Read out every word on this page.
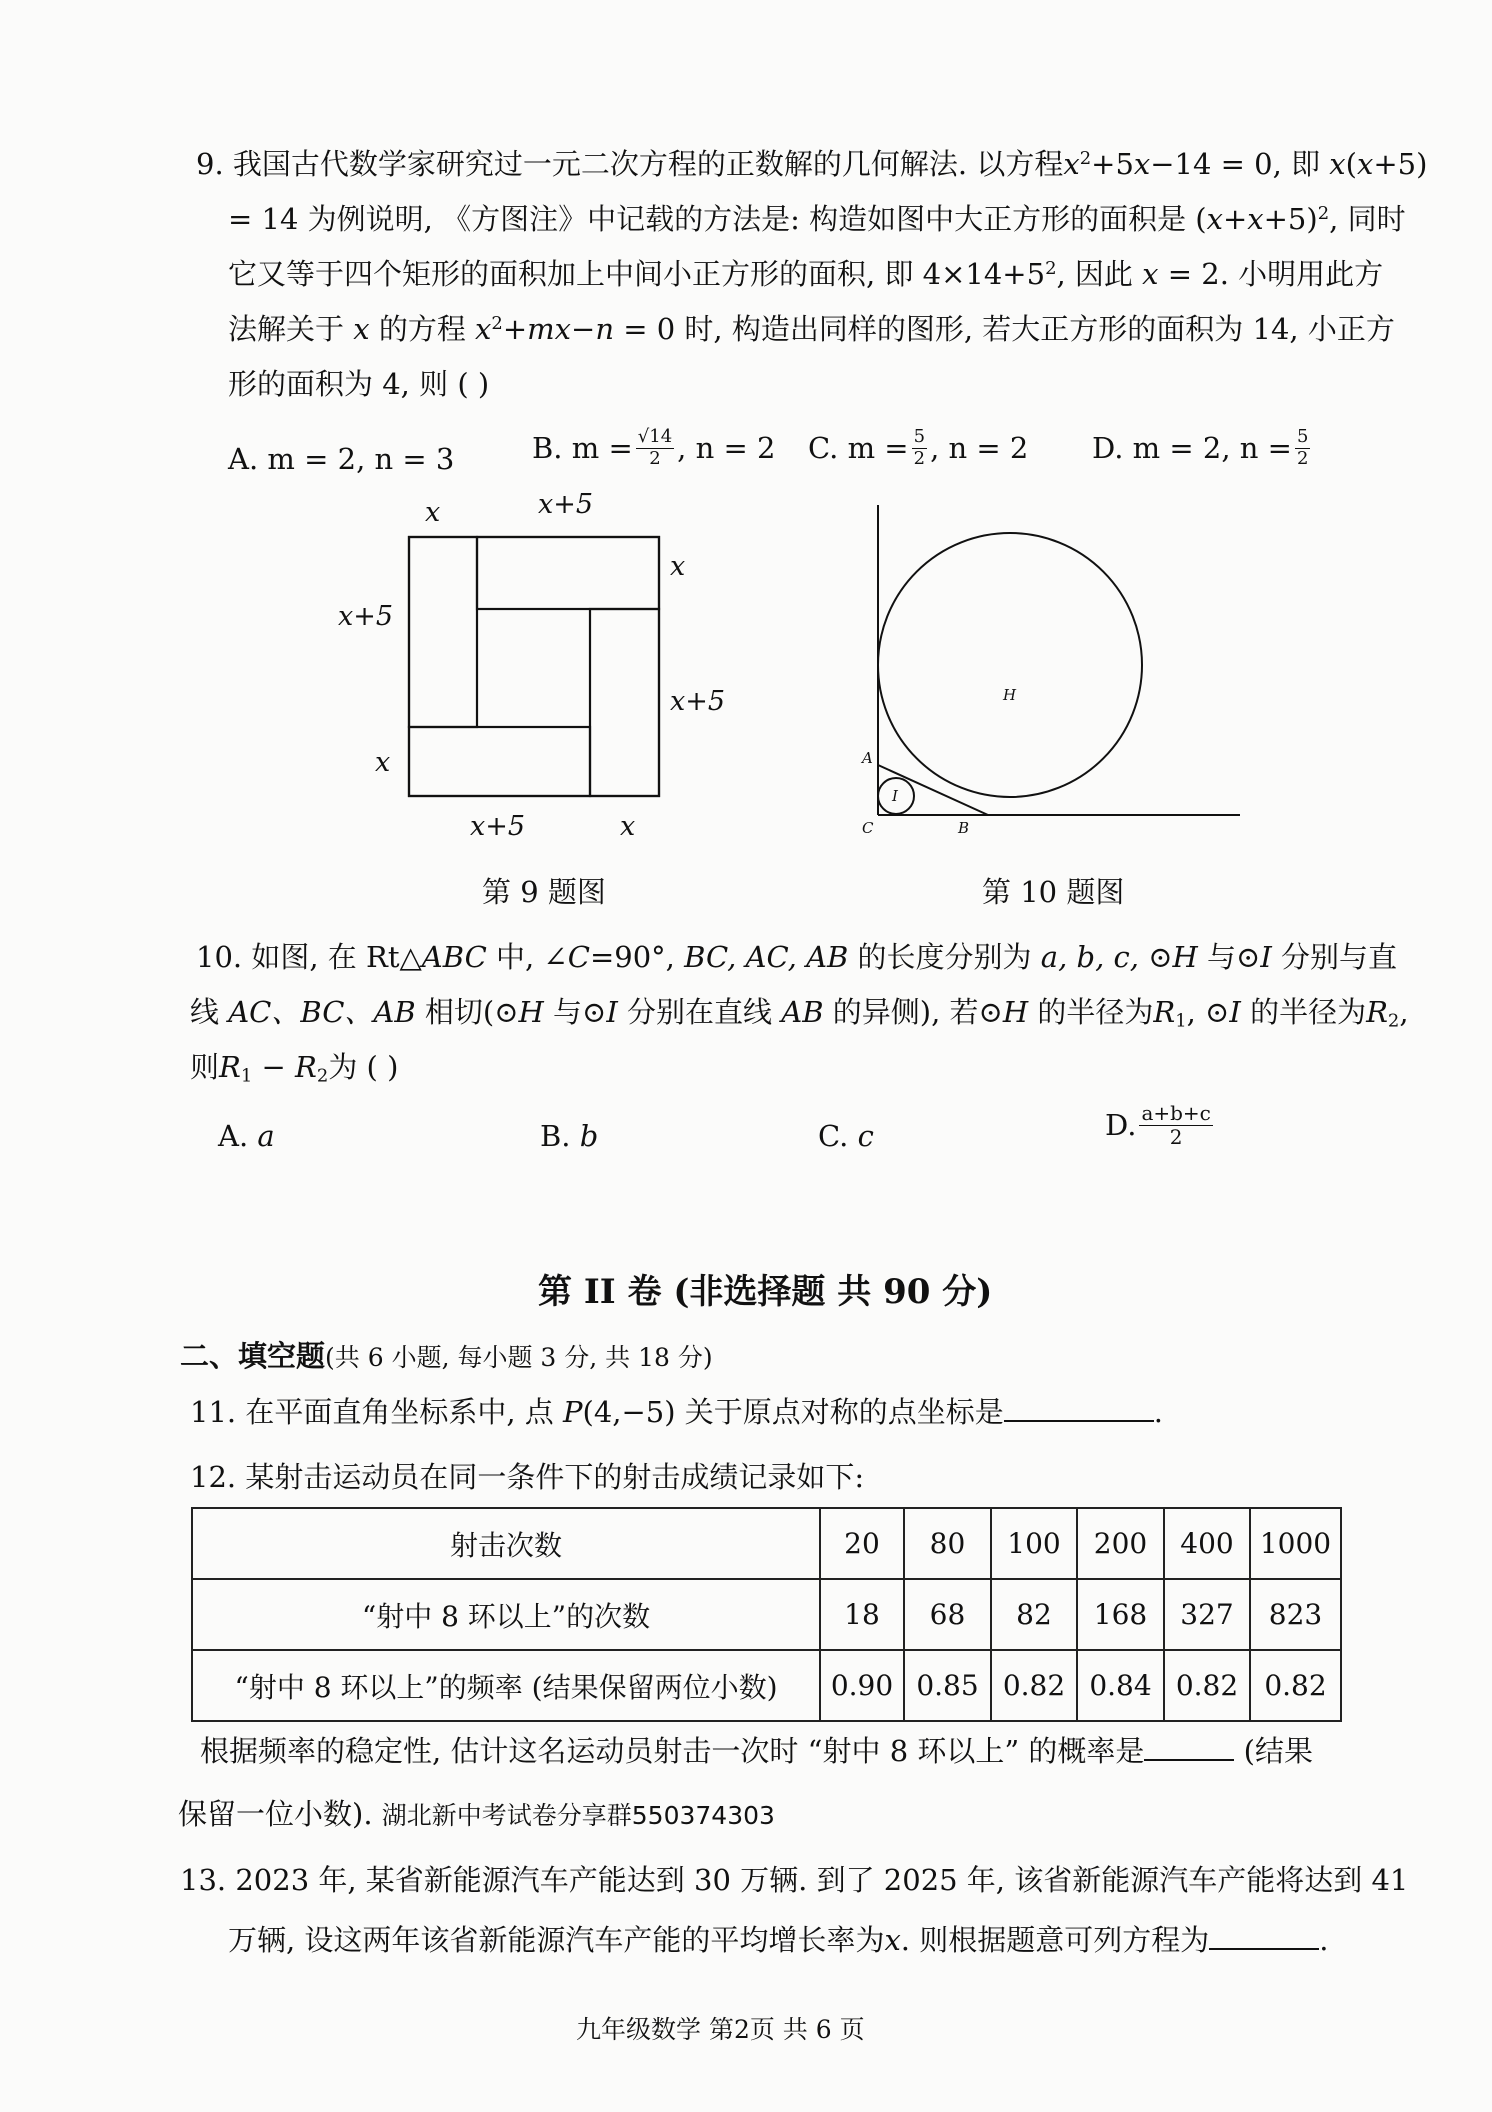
9. 我国古代数学家研究过一元二次方程的正数解的几何解法. 以方程$x^2+5x-14 = 0$, 即 x(x+5)
= 14 为例说明, 《方图注》中记载的方法是: 构造如图中大正方形的面积是 $(x+x+5)^2$, 同时
它又等于四个矩形的面积加上中间小正方形的面积, 即 $4\times 14+5^2$, 因此 x = 2. 小明用此方
法解关于 x 的方程 $x^2+mx-n = 0$ 时, 构造出同样的图形, 若大正方形的面积为 14, 小正方
形的面积为 4, 则 ( )
A. m = 2, n = 3	B. $m = \frac{√14}{2}$ , n = 2 C. $m = \frac{5}{2}$ , n = 2 D. m = 2, $n = \frac{5}{2}$
x	x+5
x
x+5
x+5
x
x+5	x
H
A
I
C	B
第 9 题图	第 10 题图
10. 如图, 在 Rt△ABC 中, ∠C=90°, BC, AC, AB 的长度分别为 a, b, c, ⊙H 与⊙I 分别与直
线 AC、BC、AB 相切(⊙H 与⊙I 分别在直线 AB 的异侧), 若⊙H 的半径为$R_1$, ⊙I 的半径为$R_2$,
则$R_1 - R_2$为 ( )
A. a	B. b	C. c	D. $\frac{a+b+c}{2}$
第 II 卷 (非选择题 共 90 分)
二、填空题(共 6 小题, 每小题 3 分, 共 18 分)
11. 在平面直角坐标系中, 点 P(4,−5) 关于原点对称的点坐标是	.
12. 某射击运动员在同一条件下的射击成绩记录如下:
射击次数	20	80	100	200	400	1000
“射中 8 环以上”的次数	18	68	82	168	327	823
“射中 8 环以上”的频率 (结果保留两位小数)	0.90	0.85	0.82	0.84	0.82	0.82
根据频率的稳定性, 估计这名运动员射击一次时 “射中 8 环以上” 的概率是	(结果
保留一位小数). 湖北新中考试卷分享群550374303
13. 2023 年, 某省新能源汽车产能达到 30 万辆. 到了 2025 年, 该省新能源汽车产能将达到 41
万辆, 设这两年该省新能源汽车产能的平均增长率为x. 则根据题意可列方程为	.
九年级数学 第2页 共 6 页
